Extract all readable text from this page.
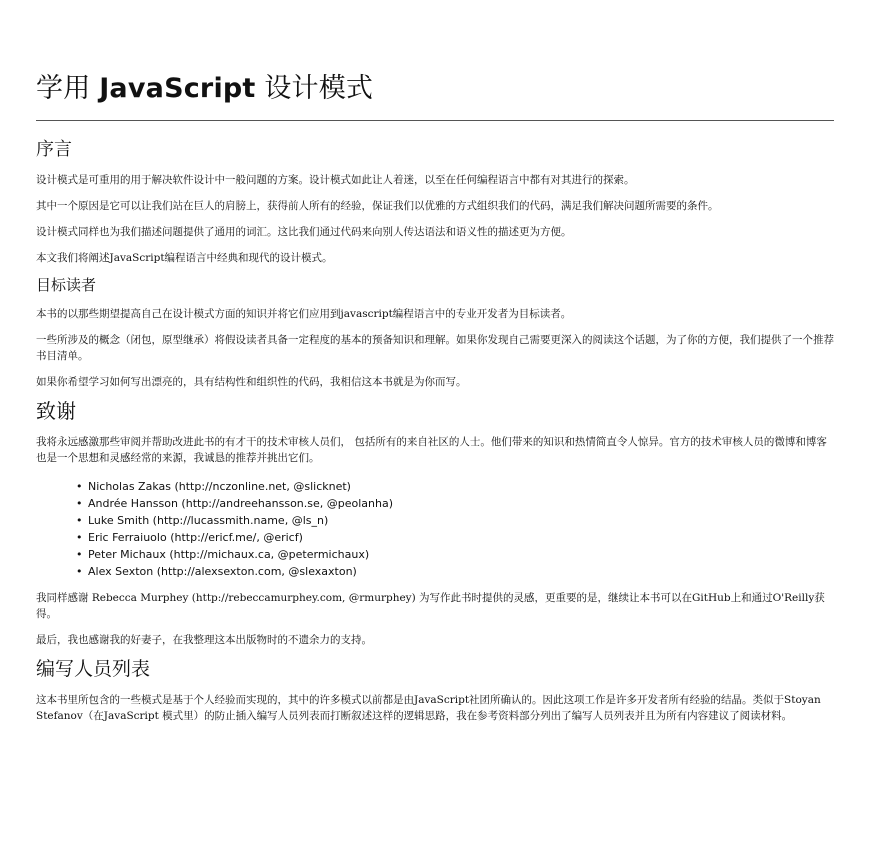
学用 JavaScript 设计模式
序言

设计模式是可重用的用于解决软件设计中一般问题的方案。设计模式如此让人着迷，以至在任何编程语言中都有对其进行的探索。

其中一个原因是它可以让我们站在巨人的肩膀上，获得前人所有的经验，保证我们以优雅的方式组织我们的代码，满足我们解决问题所需要的条件。

设计模式同样也为我们描述问题提供了通用的词汇。这比我们通过代码来向别人传达语法和语义性的描述更为方便。

本文我们将阐述JavaScript编程语言中经典和现代的设计模式。

目标读者

本书的以那些期望提高自己在设计模式方面的知识并将它们应用到javascript编程语言中的专业开发者为目标读者。

一些所涉及的概念（闭包，原型继承）将假设读者具备一定程度的基本的预备知识和理解。如果你发现自己需要更深入的阅读这个话题，为了你的方便，我们提供了一个推荐书目清单。

如果你希望学习如何写出漂亮的，具有结构性和组织性的代码，我相信这本书就是为你而写。

致谢

我将永远感激那些审阅并帮助改进此书的有才干的技术审核人员们， 包括所有的来自社区的人士。他们带来的知识和热情简直令人惊异。官方的技术审核人员的微博和博客也是一个思想和灵感经常的来源，我诚恳的推荐并挑出它们。

• Nicholas Zakas (http://nczonline.net, @slicknet)
• Andrée Hansson (http://andreehansson.se, @peolanha)
• Luke Smith (http://lucassmith.name, @ls_n)
• Eric Ferraiuolo (http://ericf.me/, @ericf)
• Peter Michaux (http://michaux.ca, @petermichaux)
• Alex Sexton (http://alexsexton.com, @slexaxton)

我同样感谢 Rebecca Murphey (http://rebeccamurphey.com, @rmurphey) 为写作此书时提供的灵感，更重要的是，继续让本书可以在GitHub上和通过O'Reilly获得。

最后，我也感谢我的好妻子，在我整理这本出版物时的不遗余力的支持。

编写人员列表

这本书里所包含的一些模式是基于个人经验而实现的，其中的许多模式以前都是由JavaScript社团所确认的。因此这项工作是许多开发者所有经验的结晶。类似于Stoyan Stefanov（在JavaScript 模式里）的防止插入编写人员列表而打断叙述这样的逻辑思路，我在参考资料部分列出了编写人员列表并且为所有内容建议了阅读材料。
